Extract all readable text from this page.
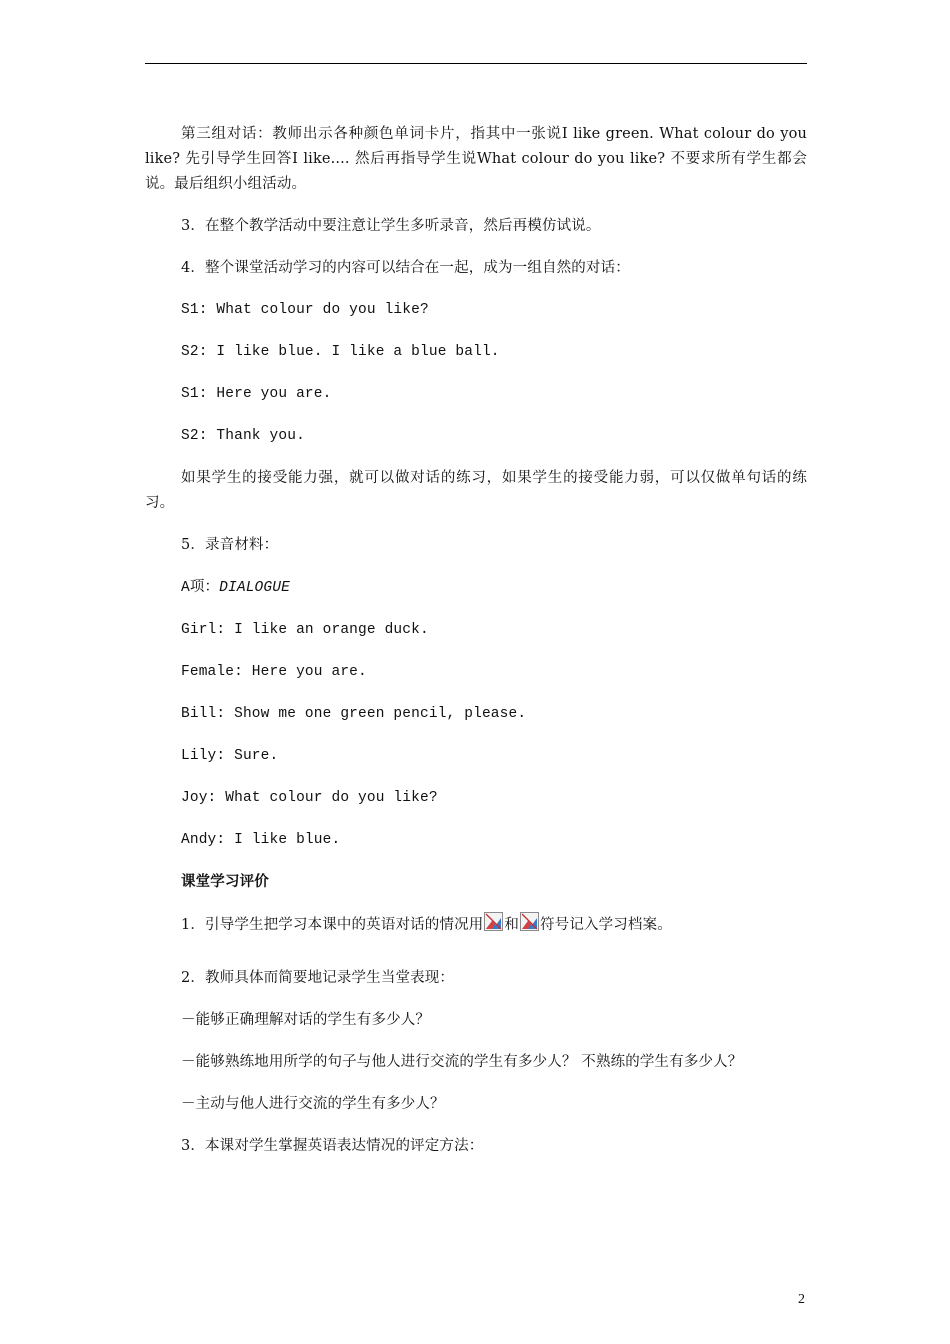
第三组对话：教师出示各种颜色单词卡片，指其中一张说I like green. What colour do you like? 先引导学生回答I like.... 然后再指导学生说What colour do you like? 不要求所有学生都会说。最后组织小组活动。

3．在整个教学活动中要注意让学生多听录音，然后再模仿试说。

4．整个课堂活动学习的内容可以结合在一起，成为一组自然的对话：

S1: What colour do you like?

S2: I like blue. I like a blue ball.

S1: Here you are.

S2: Thank you.

如果学生的接受能力强，就可以做对话的练习，如果学生的接受能力弱，可以仅做单句话的练习。

5．录音材料：

A项：DIALOGUE

Girl: I like an orange duck.

Female: Here you are.

Bill: Show me one green pencil, please.

Lily: Sure.

Joy: What colour do you like?

Andy: I like blue.

课堂学习评价

1．引导学生把学习本课中的英语对话的情况用 和 符号记入学习档案。

2．教师具体而简要地记录学生当堂表现：

－能够正确理解对话的学生有多少人？

－能够熟练地用所学的句子与他人进行交流的学生有多少人？ 不熟练的学生有多少人？

－主动与他人进行交流的学生有多少人？

3．本课对学生掌握英语表达情况的评定方法：

2
